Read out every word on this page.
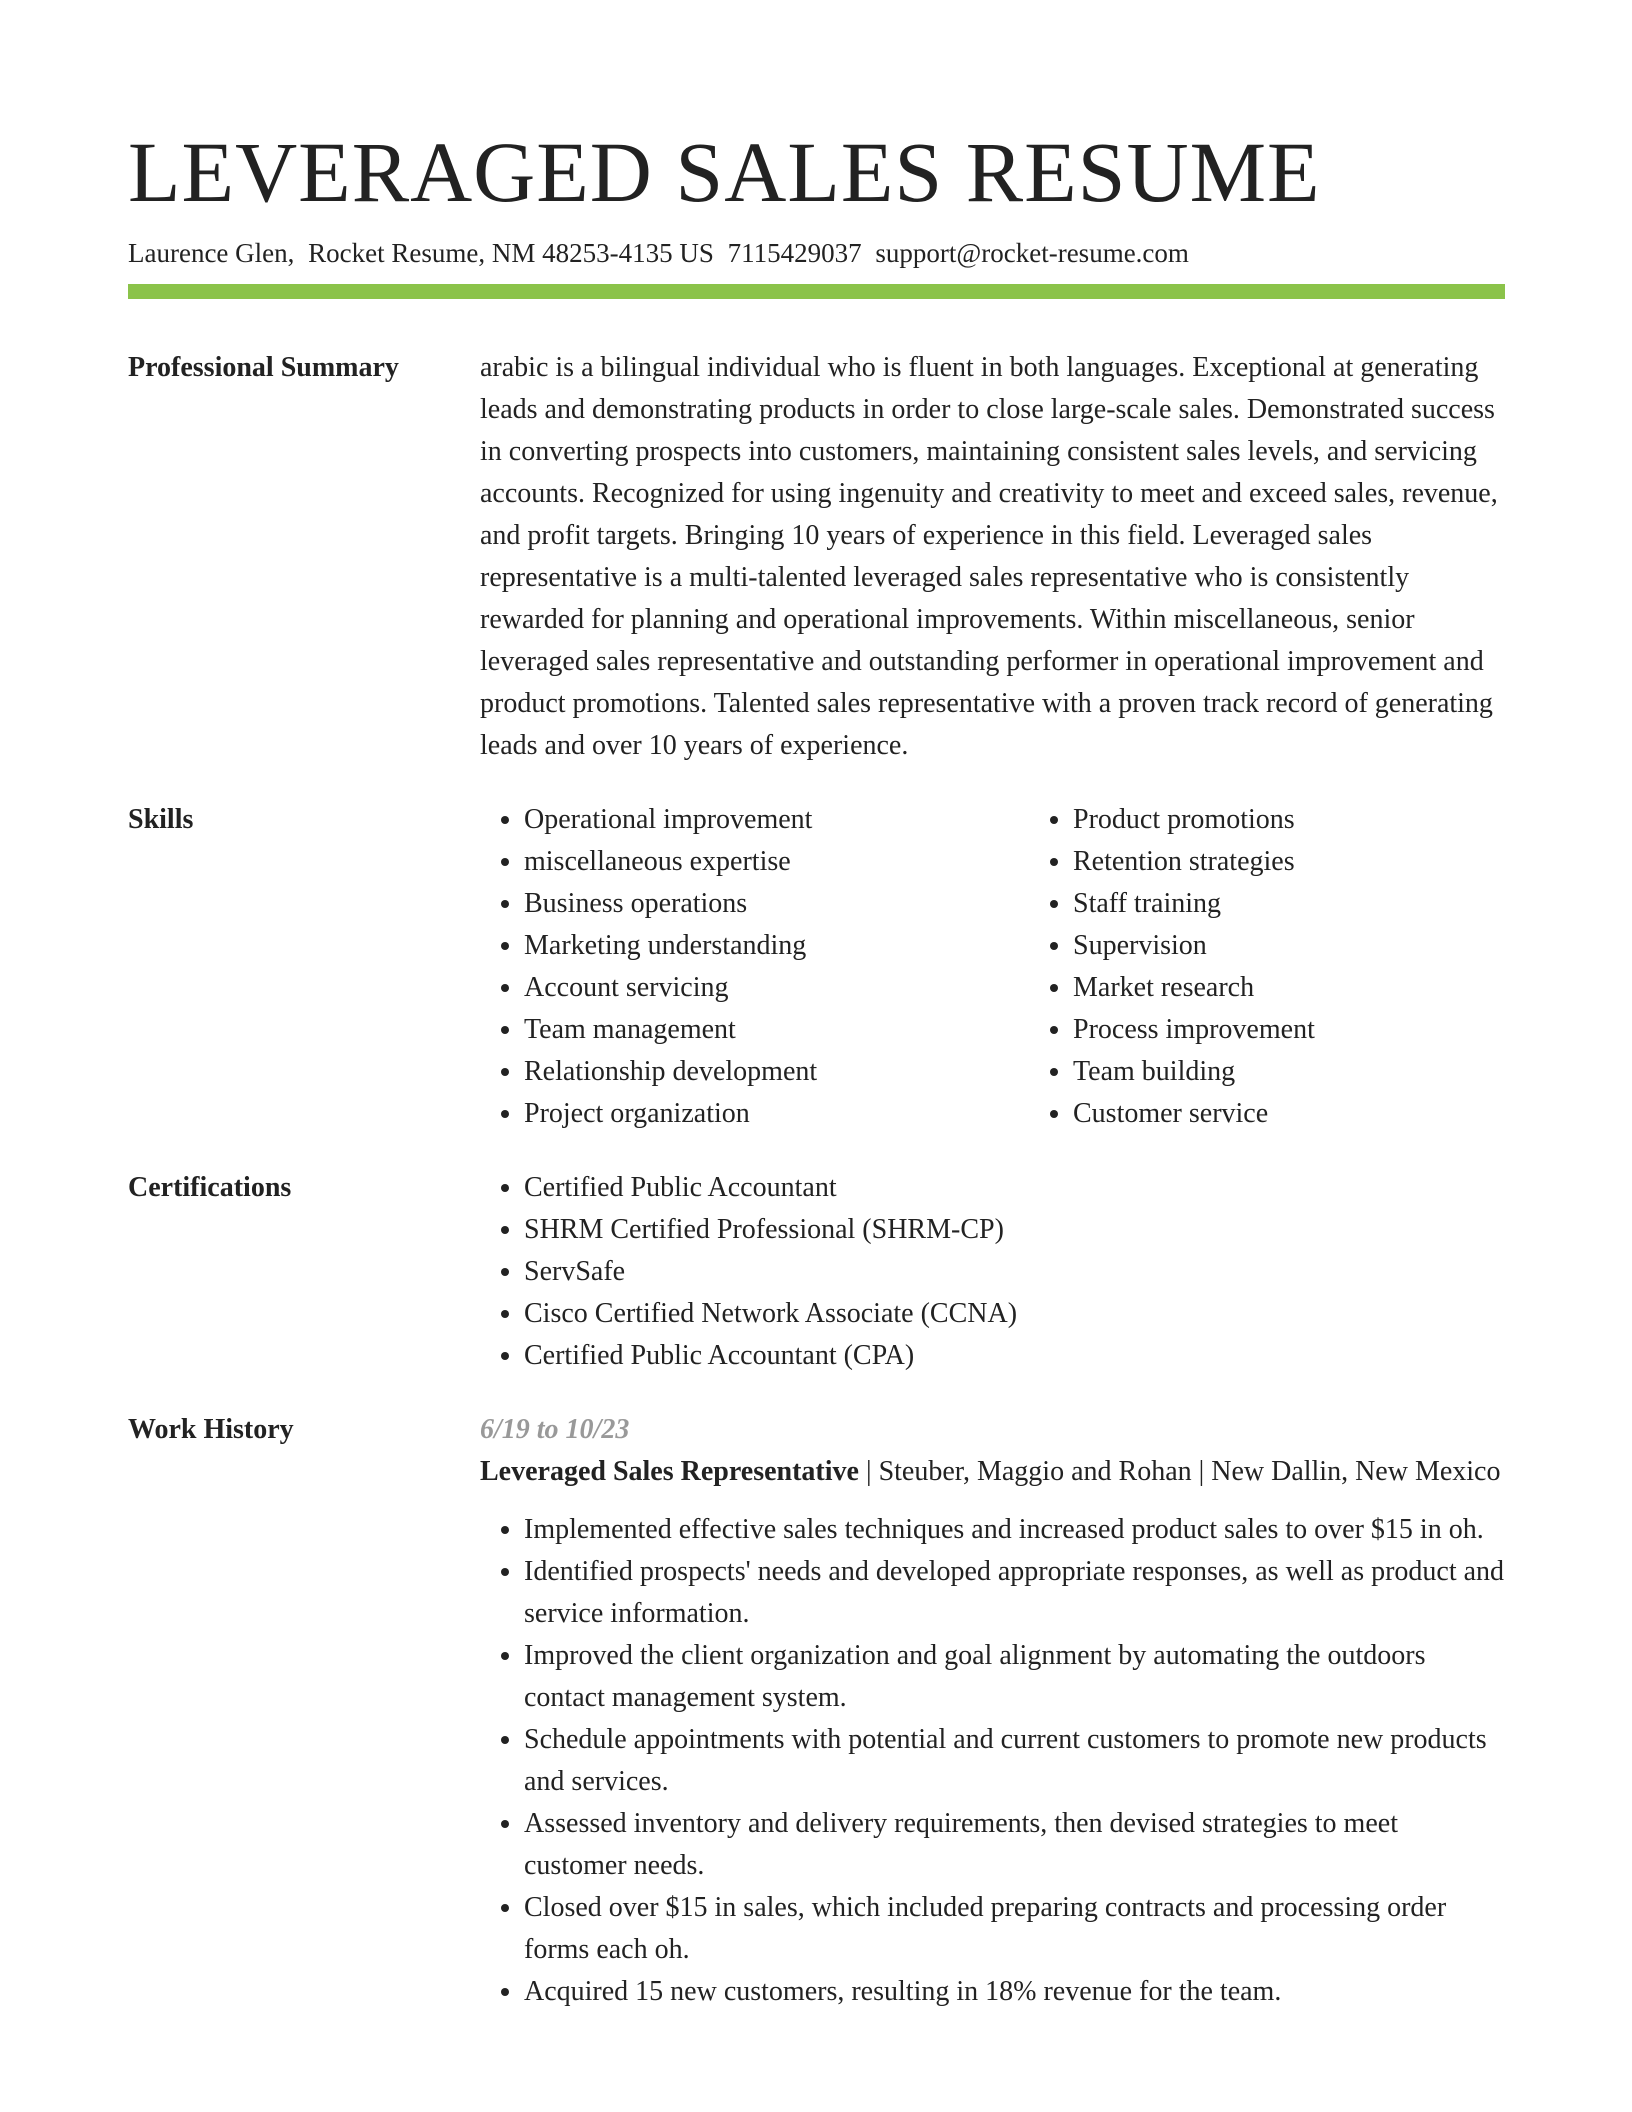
LEVERAGED SALES RESUME
Laurence Glen, Rocket Resume, NM 48253-4135 US 7115429037 support@rocket-resume.com
Professional Summary	arabic is a bilingual individual who is fluent in both languages. Exceptional at generating leads and demonstrating products in order to close large-scale sales. Demonstrated success in converting prospects into customers, maintaining consistent sales levels, and servicing accounts. Recognized for using ingenuity and creativity to meet and exceed sales, revenue, and profit targets. Bringing 10 years of experience in this field. Leveraged sales representative is a multi-talented leveraged sales representative who is consistently rewarded for planning and operational improvements. Within miscellaneous, senior leveraged sales representative and outstanding performer in operational improvement and product promotions. Talented sales representative with a proven track record of generating leads and over 10 years of experience.

Skills	• Operational improvement
• miscellaneous expertise
• Business operations
• Marketing understanding
• Account servicing
• Team management
• Relationship development
• Project organization
• Product promotions
• Retention strategies
• Staff training
• Supervision
• Market research
• Process improvement
• Team building
• Customer service
Certifications	• Certified Public Accountant
• SHRM Certified Professional (SHRM-CP)
• ServSafe
• Cisco Certified Network Associate (CCNA)
• Certified Public Accountant (CPA)
Work History	6/19 to 10/23

Leveraged Sales Representative | Steuber, Maggio and Rohan | New Dallin, New Mexico

• Implemented effective sales techniques and increased product sales to over $15 in oh.
• Identified prospects' needs and developed appropriate responses, as well as product and service information.
• Improved the client organization and goal alignment by automating the outdoors contact management system.
• Schedule appointments with potential and current customers to promote new products and services.
• Assessed inventory and delivery requirements, then devised strategies to meet customer needs.
• Closed over $15 in sales, which included preparing contracts and processing order forms each oh.
• Acquired 15 new customers, resulting in 18% revenue for the team.
